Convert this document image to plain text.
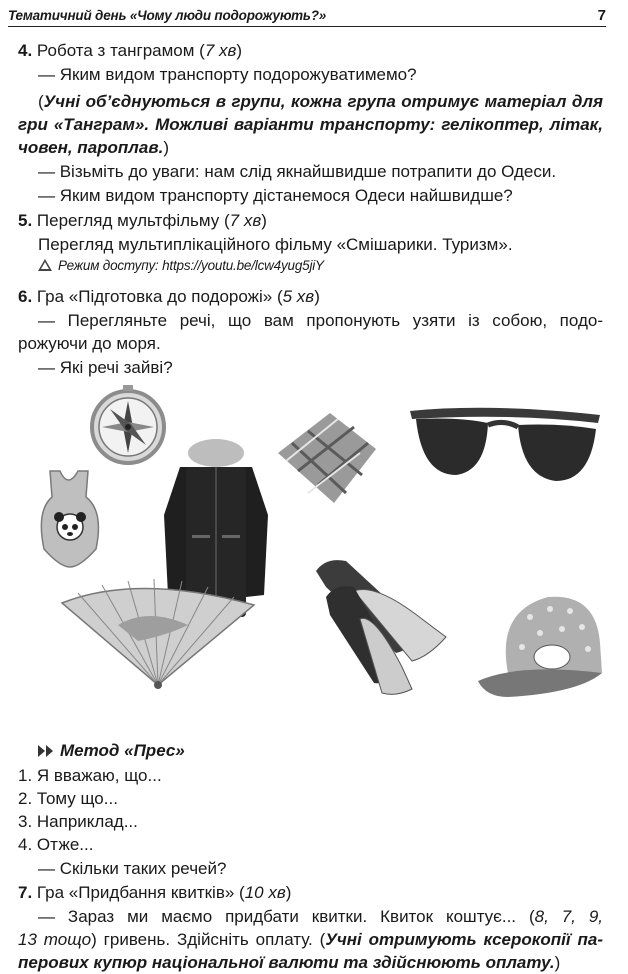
Тематичний день «Чому люди подорожують?»	7
4. Робота з танграмом (7 хв)
— Яким видом транспорту подорожуватимемо?
(Учні об’єднуються в групи, кожна група отримує матеріал для
гри «Танграм». Можливі варіанти транспорту: гелікоптер, літак,
човен, пароплав.)
— Візьміть до уваги: нам слід якнайшвидше потрапити до Одеси.
— Яким видом транспорту дістанемося Одеси найшвидше?
5. Перегляд мультфільму (7 хв)
Перегляд мультиплікаційного фільму «Смішарики. Туризм».
Режим доступу: https://youtu.be/lcw4yug5jiY
6. Гра «Підготовка до подорожі» (5 хв)
— Перегляньте речі, що вам пропонують узяти із собою, подо-
рожуючи до моря.
— Які речі зайві?
Метод «Прес»
1. Я вважаю, що...
2. Тому що...
3. Наприклад...
4. Отже...
— Скільки таких речей?
7. Гра «Придбання квитків» (10 хв)
— Зараз ми маємо придбати квитки. Квиток коштує... (8, 7, 9,
13 тощо) гривень. Здійсніть оплату. (Учні отримують ксерокопії па-
перових купюр національної валюти та здійснюють оплату.)
